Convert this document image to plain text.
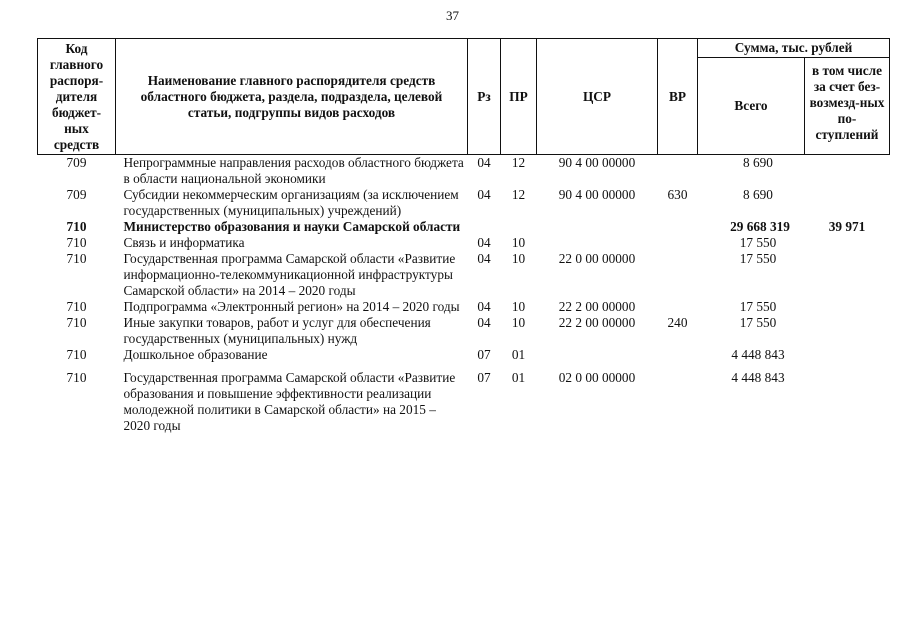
37
Код главного распоря-дителя бюджет-ных средств	Наименование главного распорядителя средств областного бюджета, раздела, подраздела, целевой статьи, подгруппы видов расходов	Рз	ПР	ЦСР	ВР	Сумма, тыс. рублей	
						Всего	в том числе за счет без-возмезд-ных по-ступлений
709	Непрограммные направления расходов областного бюджета в области национальной экономики	04	12	90 4 00 00000		8 690	
709	Субсидии некоммерческим организациям (за исключением государственных (муниципальных) учреждений)	04	12	90 4 00 00000	630	8 690	
710	Министерство образования и науки Самарской области					29 668 319	39 971
710	Связь и информатика	04	10			17 550	
710	Государственная программа Самарской области «Развитие информационно-телекоммуникационной инфраструктуры Самарской области» на 2014 – 2020 годы	04	10	22 0 00 00000		17 550	
710	Подпрограмма «Электронный регион» на 2014 – 2020 годы	04	10	22 2 00 00000		17 550	
710	Иные закупки товаров, работ и услуг для обеспечения государственных (муниципальных) нужд	04	10	22 2 00 00000	240	17 550	
710	Дошкольное образование	07	01			4 448 843	
710	Государственная программа Самарской области «Развитие образования и повышение эффективности реализации молодежной политики в Самарской области» на 2015 – 2020 годы	07	01	02 0 00 00000		4 448 843	
